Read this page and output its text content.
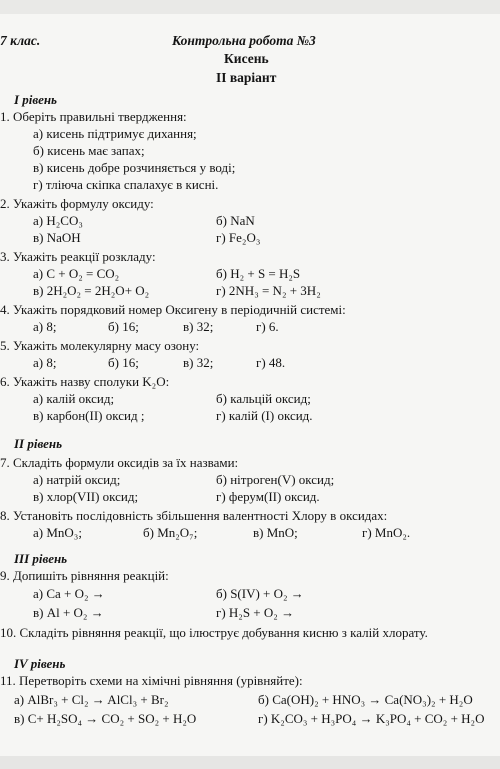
7 клас.	Контрольна робота №3
Кисень
ІІ варіант
І рівень
1. Оберіть правильні твердження:
а) кисень підтримує дихання;
б) кисень має запах;
в) кисень добре розчиняється у воді;
г) тліюча скіпка спалахує в кисні.
2. Укажіть формулу оксиду:
а) H₂CO₃	б) NaN
в) NaOH	г) Fe₂O₃
3. Укажіть реакції розкладу:
а) C + O₂ = CO₂	б) H₂ + S = H₂S
в) 2H₂O₂ = 2H₂O+ O₂	г) 2NH₃ = N₂ + 3H₂
4. Укажіть порядковий номер Оксигену в періодичній системі:
а) 8;	б) 16;	в) 32;	г) 6.
5. Укажіть молекулярну масу озону:
а) 8;	б) 16;	в) 32;	г) 48.
6. Укажіть назву сполуки K₂O:
а) калій оксид;	б) кальцій оксид;
в) карбон(ІІ) оксид ;	г) калій (І) оксид.
ІІ рівень
7. Складіть формули оксидів за їх назвами:
а) натрій оксид;	б) нітроген(V) оксид;
в) хлор(VII) оксид;	г) ферум(ІІ) оксид.
8. Установіть послідовність збільшення валентності Хлору в оксидах:
а) MnO₃;	б) Mn₂O₇;	в) MnO;	г) MnO₂.
ІІІ рівень
9. Допишіть рівняння реакцій:
а) Ca + O₂ →	б) S(IV) + O₂ →
в) Al + O₂ →	г) H₂S + O₂ →
10. Складіть рівняння реакції, що ілюструє добування кисню з калій хлорату.
ІV рівень
11. Перетворіть схеми на хімічні рівняння (урівняйте):
а) AlBr₃ + Cl₂ → AlCl₃ + Br₂	б) Ca(OH)₂ + HNO₃ → Ca(NO₃)₂ + H₂O
в) C+ H₂SO₄ → CO₂ + SO₂ + H₂O	г) K₂CO₃ + H₃PO₄ → K₃PO₄ + CO₂ + H₂O
